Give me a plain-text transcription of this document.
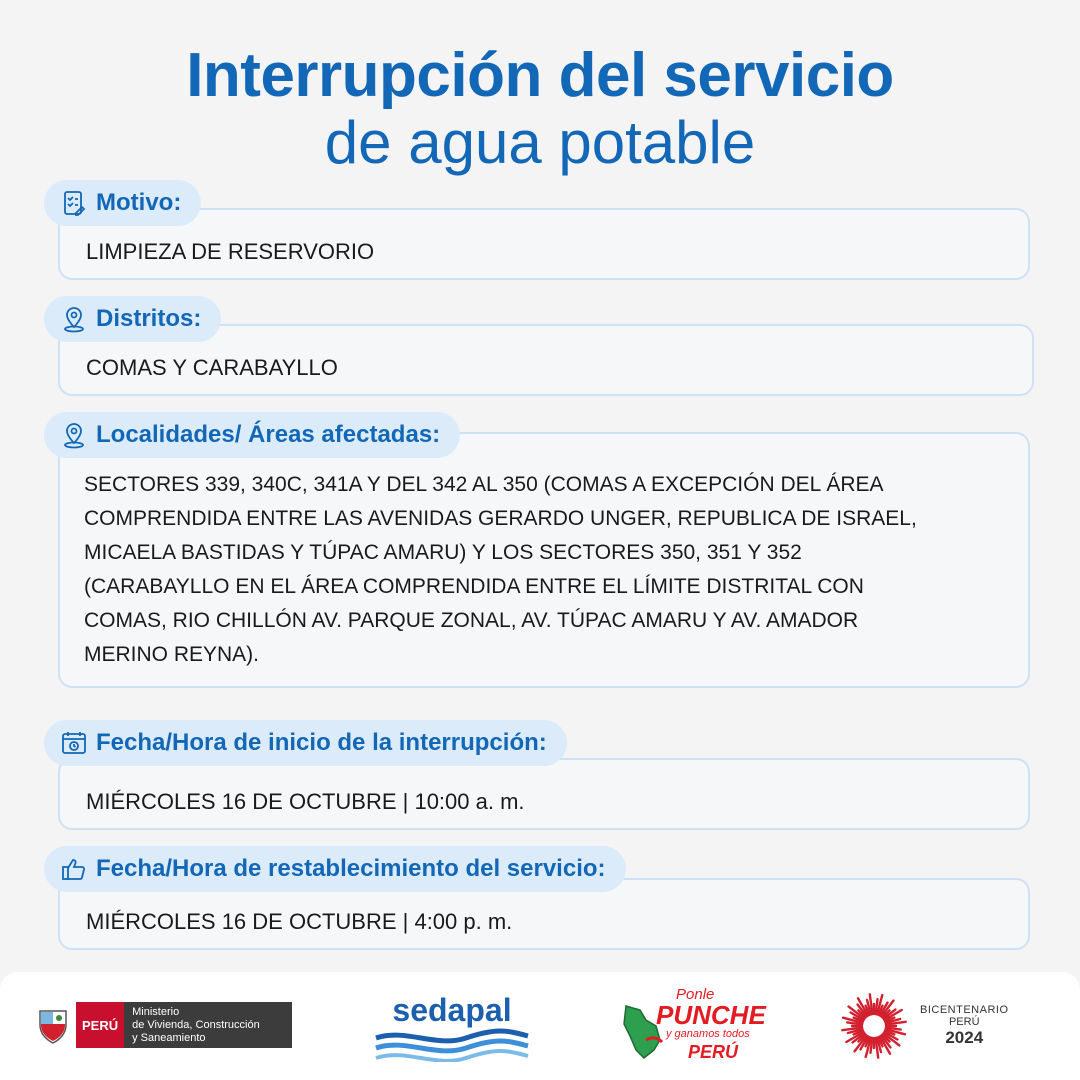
Interrupción del servicio
de agua potable
LIMPIEZA DE RESERVORIO
Motivo:
COMAS Y CARABAYLLO
Distritos:
SECTORES 339, 340C, 341A Y DEL 342 AL 350 (COMAS A EXCEPCIÓN DEL ÁREA
COMPRENDIDA ENTRE LAS AVENIDAS GERARDO UNGER, REPUBLICA DE ISRAEL,
MICAELA BASTIDAS Y TÚPAC AMARU) Y LOS SECTORES 350, 351 Y 352
(CARABAYLLO EN EL ÁREA COMPRENDIDA ENTRE EL LÍMITE DISTRITAL CON
COMAS, RIO CHILLÓN AV. PARQUE ZONAL, AV. TÚPAC AMARU Y AV. AMADOR
MERINO REYNA).
Localidades/ Áreas afectadas:
MIÉRCOLES 16 DE OCTUBRE | 10:00 a. m.
Fecha/Hora de inicio de la interrupción:
MIÉRCOLES 16 DE OCTUBRE | 4:00 p. m.
Fecha/Hora de restablecimiento del servicio:
PERÚ
Ministerio
de Vivienda, Construcción
y Saneamiento
sedapal	Ponle
PUNCHE
y ganamos todos
PERÚ
BICENTENARIO
PERÚ
2024
